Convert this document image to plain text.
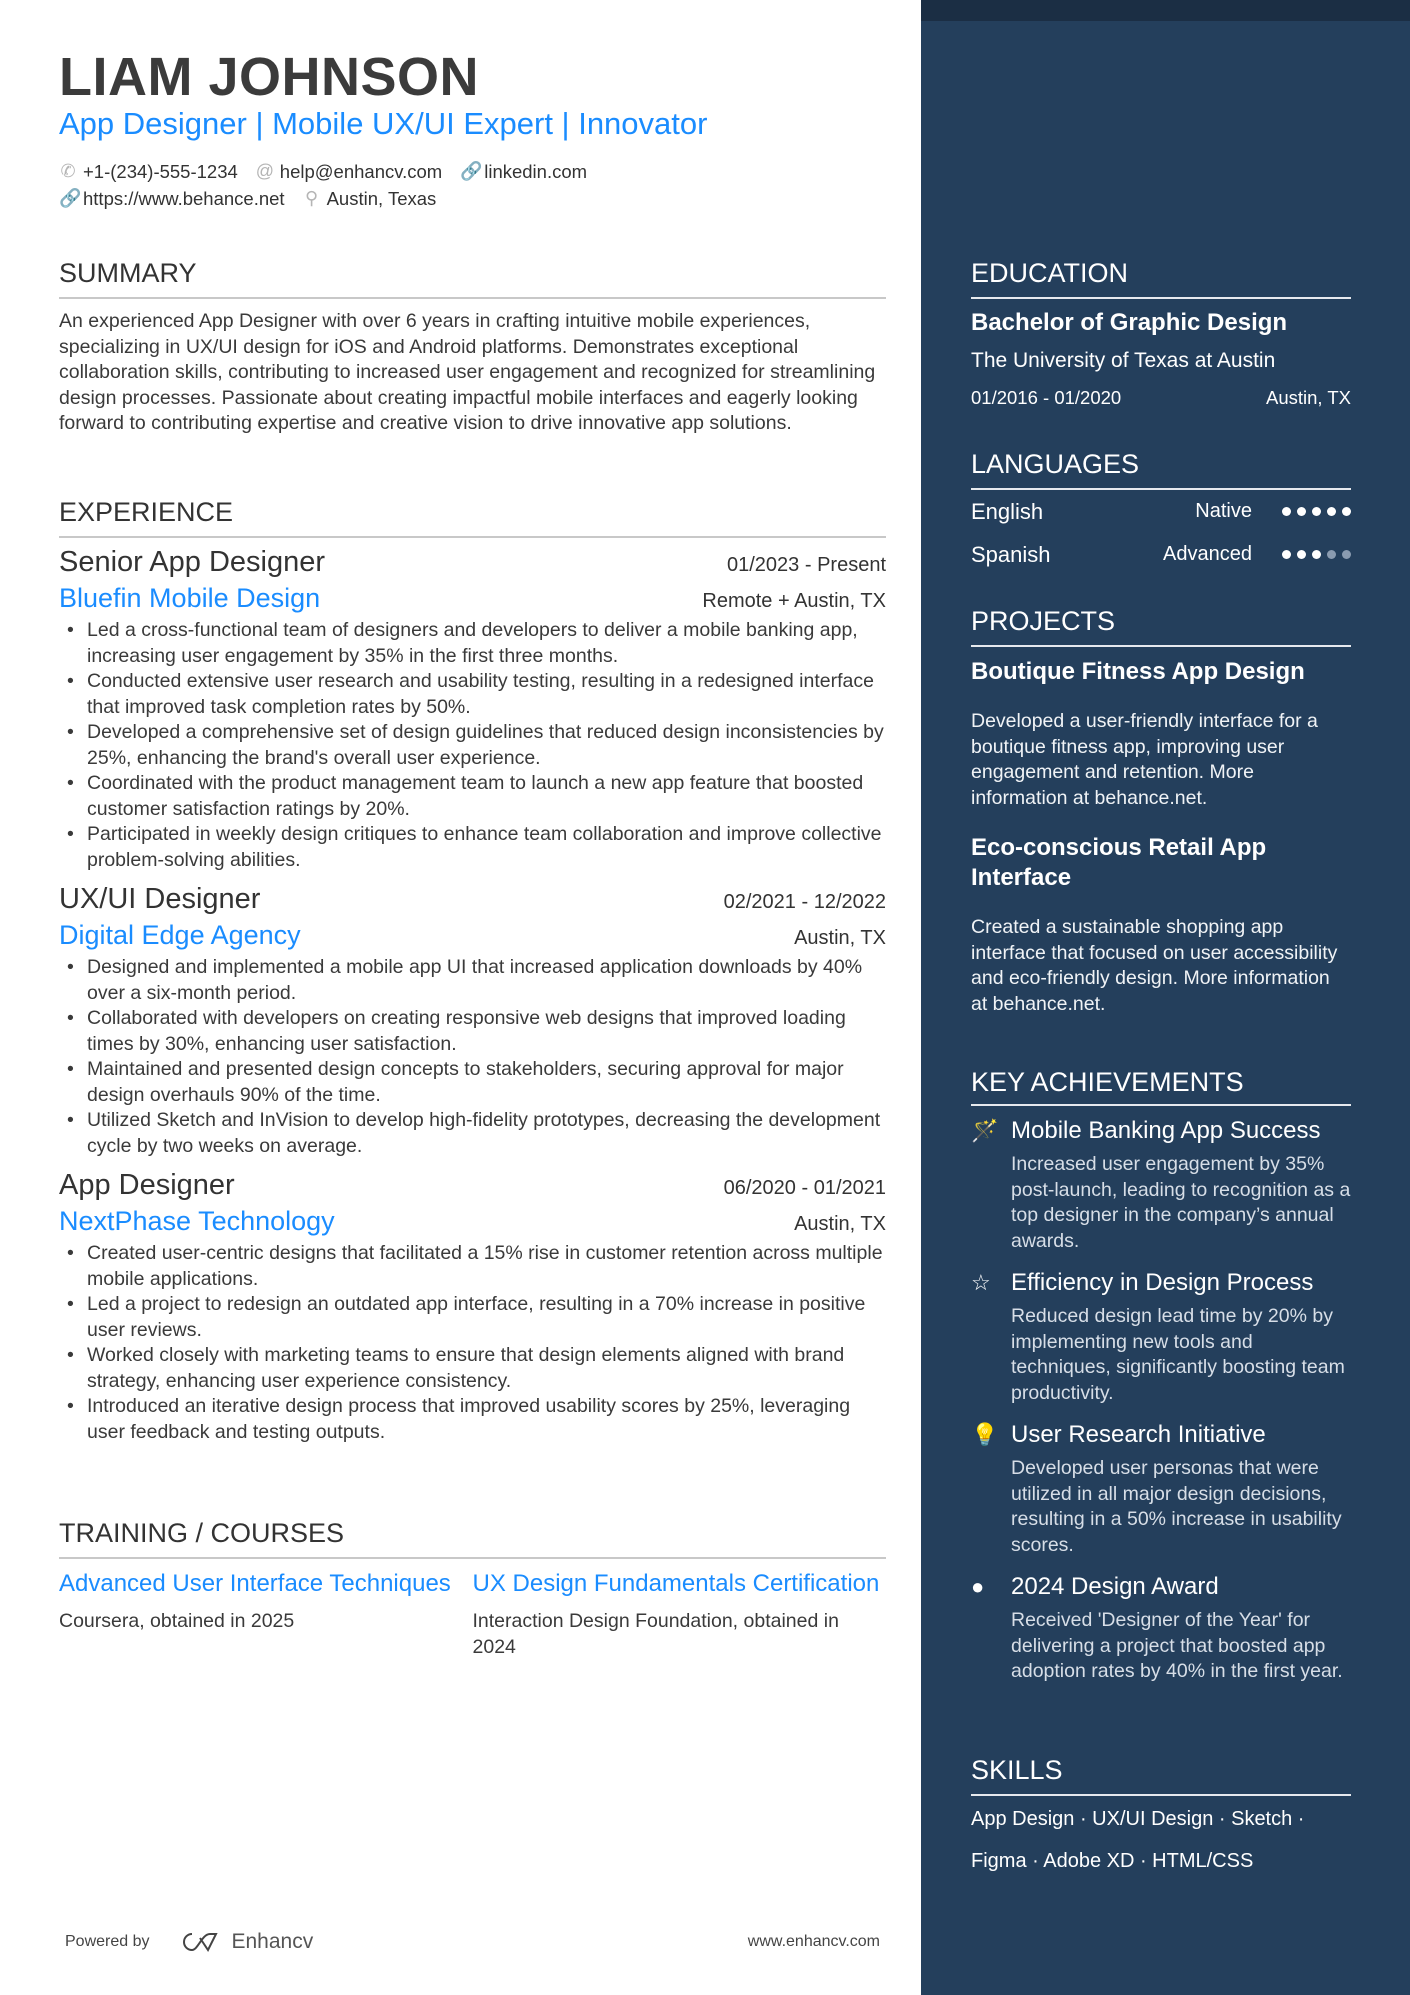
LIAM JOHNSON
App Designer | Mobile UX/UI Expert | Innovator
✆ +1-(234)-555-1234 @ help@enhancv.com 🔗 linkedin.com
🔗 https://www.behance.net ⚲ Austin, Texas
SUMMARY

An experienced App Designer with over 6 years in crafting intuitive mobile experiences, specializing in UX/UI design for iOS and Android platforms. Demonstrates exceptional collaboration skills, contributing to increased user engagement and recognized for streamlining design processes. Passionate about creating impactful mobile interfaces and eagerly looking forward to contributing expertise and creative vision to drive innovative app solutions.

EXPERIENCE
Senior App Designer	01/2023 - Present
Bluefin Mobile Design	Remote + Austin, TX
• Led a cross-functional team of designers and developers to deliver a mobile banking app, increasing user engagement by 35% in the first three months.
• Conducted extensive user research and usability testing, resulting in a redesigned interface that improved task completion rates by 50%.
• Developed a comprehensive set of design guidelines that reduced design inconsistencies by 25%, enhancing the brand's overall user experience.
• Coordinated with the product management team to launch a new app feature that boosted customer satisfaction ratings by 20%.
• Participated in weekly design critiques to enhance team collaboration and improve collective problem-solving abilities.
UX/UI Designer	02/2021 - 12/2022
Digital Edge Agency	Austin, TX
• Designed and implemented a mobile app UI that increased application downloads by 40% over a six-month period.
• Collaborated with developers on creating responsive web designs that improved loading times by 30%, enhancing user satisfaction.
• Maintained and presented design concepts to stakeholders, securing approval for major design overhauls 90% of the time.
• Utilized Sketch and InVision to develop high-fidelity prototypes, decreasing the development cycle by two weeks on average.
App Designer	06/2020 - 01/2021
NextPhase Technology	Austin, TX
• Created user-centric designs that facilitated a 15% rise in customer retention across multiple mobile applications.
• Led a project to redesign an outdated app interface, resulting in a 70% increase in positive user reviews.
• Worked closely with marketing teams to ensure that design elements aligned with brand strategy, enhancing user experience consistency.
• Introduced an iterative design process that improved usability scores by 25%, leveraging user feedback and testing outputs.
TRAINING / COURSES
Advanced User Interface Techniques
Coursera, obtained in 2025
UX Design Fundamentals Certification
Interaction Design Foundation, obtained in 2024
Powered by	Enhancv	www.enhancv.com
EDUCATION
Bachelor of Graphic Design
The University of Texas at Austin
01/2016 - 01/2020	Austin, TX
LANGUAGES
English	Native
Spanish	Advanced
PROJECTS
Boutique Fitness App Design
Developed a user-friendly interface for a boutique fitness app, improving user engagement and retention. More information at behance.net.
Eco-conscious Retail App Interface
Created a sustainable shopping app interface that focused on user accessibility and eco-friendly design. More information at behance.net.
KEY ACHIEVEMENTS
🪄 Mobile Banking App Success
Increased user engagement by 35% post-launch, leading to recognition as a top designer in the company’s annual awards.
☆ Efficiency in Design Process
Reduced design lead time by 20% by implementing new tools and techniques, significantly boosting team productivity.
💡 User Research Initiative
Developed user personas that were utilized in all major design decisions, resulting in a 50% increase in usability scores.
●	2024 Design Award
Received 'Designer of the Year' for delivering a project that boosted app adoption rates by 40% in the first year.
SKILLS
App Design · UX/UI Design · Sketch ·
Figma · Adobe XD · HTML/CSS
